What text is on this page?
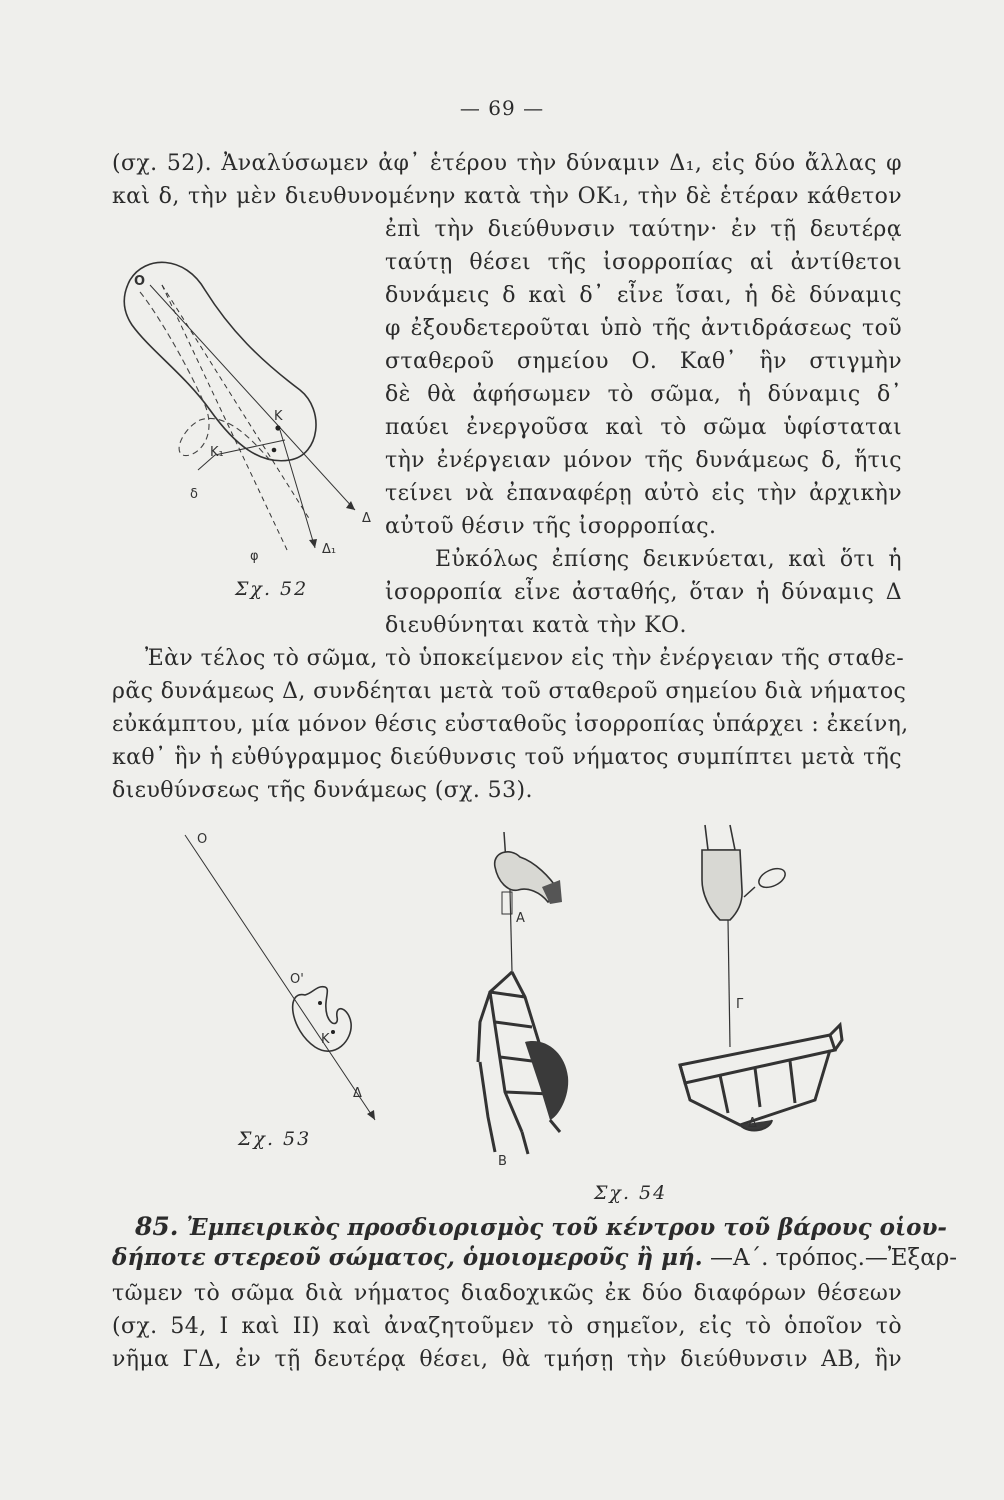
— 69 —
(σχ. 52). Ἀναλύσωμεν ἀφ᾽ ἑτέρου τὴν δύναμιν Δ₁, εἰς δύο ἄλλας φ
καὶ δ, τὴν μὲν διευθυνομένην κατὰ τὴν ΟΚ₁, τὴν δὲ ἑτέραν κάθετον
ἐπὶ τὴν διεύθυνσιν ταύτην· ἐν τῇ δευτέρᾳ
ταύτῃ θέσει τῆς ἰσορροπίας αἱ ἀντίθετοι
δυνάμεις δ καὶ δ᾽ εἶνε ἴσαι, ἡ δὲ δύναμις
φ ἐξουδετεροῦται ὑπὸ τῆς ἀντιδράσεως τοῦ
σταθεροῦ σημείου Ο. Καθ᾽ ἣν στιγμὴν
δὲ θὰ ἀφήσωμεν τὸ σῶμα, ἡ δύναμις δ᾽
παύει ἐνεργοῦσα καὶ τὸ σῶμα ὑφίσταται
τὴν ἐνέργειαν μόνον τῆς δυνάμεως δ, ἥτις
τείνει νὰ ἐπαναφέρῃ αὐτὸ εἰς τὴν ἀρχικὴν
αὐτοῦ θέσιν τῆς ἰσορροπίας.
Εὐκόλως ἐπίσης δεικνύεται, καὶ ὅτι ἡ
ἰσορροπία εἶνε ἀσταθής, ὅταν ἡ δύναμις Δ
διευθύνηται κατὰ τὴν ΚΟ.
Ἐὰν τέλος τὸ σῶμα, τὸ ὑποκείμενον εἰς τὴν ἐνέργειαν τῆς σταθε-
ρᾶς δυνάμεως Δ, συνδέηται μετὰ τοῦ σταθεροῦ σημείου διὰ νήματος
εὐκάμπτου, μία μόνον θέσις εὐσταθοῦς ἰσορροπίας ὑπάρχει : ἐκείνη,
καθ᾽ ἣν ἡ εὐθύγραμμος διεύθυνσις τοῦ νήματος συμπίπτει μετὰ τῆς
διευθύνσεως τῆς δυνάμεως (σχ. 53).
O
K
K₁
δ
Δ
φ	Δ₁
Σχ. 52
O
O'
K
Δ
Σχ. 53
A
B
Γ
Δ
Σχ. 54
85. Ἐμπειρικὸς προσδιορισμὸς τοῦ κέντρου τοῦ βάρους οἱου-
δήποτε στερεοῦ σώματος, ὁμοιομεροῦς ἢ μή. —Α΄. τρόπος.—Ἐξαρ-
τῶμεν τὸ σῶμα διὰ νήματος διαδοχικῶς ἐκ δύο διαφόρων θέσεων
(σχ. 54, Ι καὶ ΙΙ) καὶ ἀναζητοῦμεν τὸ σημεῖον, εἰς τὸ ὁποῖον τὸ
νῆμα ΓΔ, ἐν τῇ δευτέρᾳ θέσει, θὰ τμήσῃ τὴν διεύθυνσιν ΑΒ, ἣν
